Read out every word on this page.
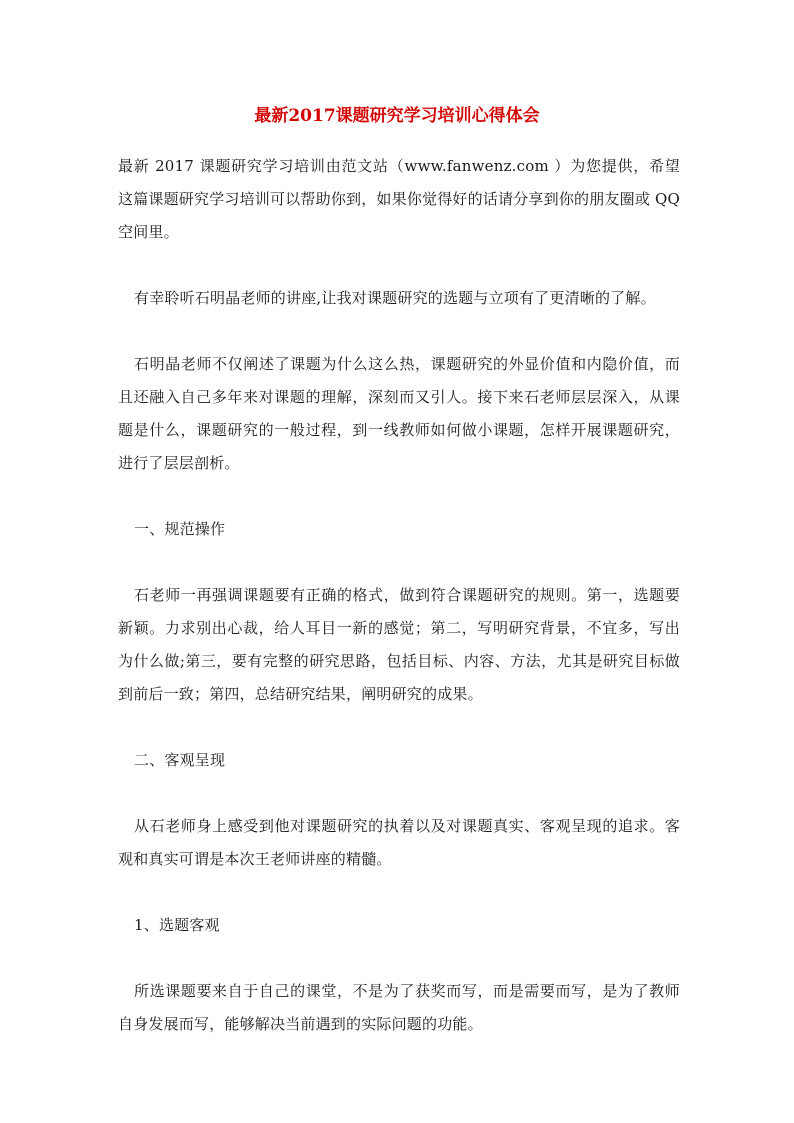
最新2017课题研究学习培训心得体会

最新 2017 课题研究学习培训由范文站（www.fanwenz.com ）为您提供，希望这篇课题研究学习培训可以帮助你到，如果你觉得好的话请分享到你的朋友圈或 QQ 空间里。

有幸聆听石明晶老师的讲座,让我对课题研究的选题与立项有了更清晰的了解。

石明晶老师不仅阐述了课题为什么这么热，课题研究的外显价值和内隐价值，而且还融入自己多年来对课题的理解，深刻而又引人。接下来石老师层层深入，从课题是什么，课题研究的一般过程，到一线教师如何做小课题，怎样开展课题研究，进行了层层剖析。

一、规范操作

石老师一再强调课题要有正确的格式，做到符合课题研究的规则。第一，选题要新颖。力求别出心裁，给人耳目一新的感觉；第二，写明研究背景，不宜多，写出为什么做;第三，要有完整的研究思路，包括目标、内容、方法，尤其是研究目标做到前后一致；第四，总结研究结果，阐明研究的成果。

二、客观呈现

从石老师身上感受到他对课题研究的执着以及对课题真实、客观呈现的追求。客观和真实可谓是本次王老师讲座的精髓。

1、选题客观

所选课题要来自于自己的课堂，不是为了获奖而写，而是需要而写，是为了教师自身发展而写，能够解决当前遇到的实际问题的功能。
